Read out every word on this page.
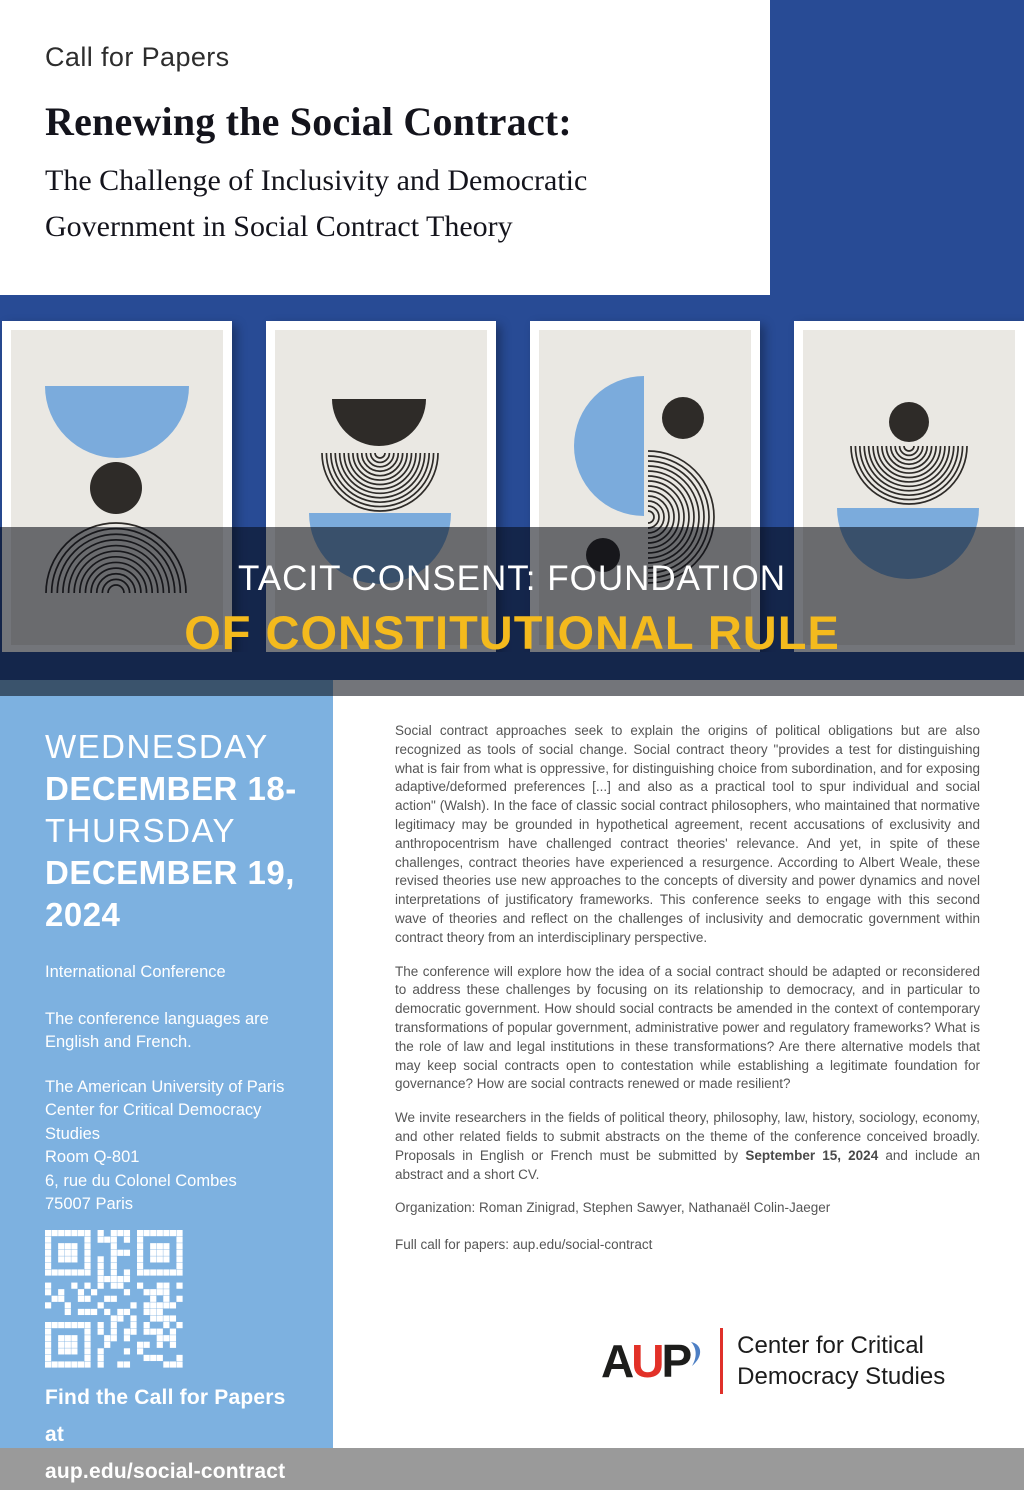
Call for Papers
Renewing the Social Contract:
The Challenge of Inclusivity and Democratic
Government in Social Contract Theory
WEDNESDAY
DECEMBER 18-
THURSDAY
DECEMBER 19,
2024
International Conference
The conference languages are English and French.
The American University of Paris
Center for Critical Democracy Studies
Room Q-801
6, rue du Colonel Combes
75007 Paris
Find the Call for Papers at
aup.edu/social-contract

Social contract approaches seek to explain the origins of political obligations but are also recognized as tools of social change. Social contract theory "provides a test for distinguishing what is fair from what is oppressive, for distinguishing choice from subordination, and for exposing adaptive/deformed preferences [...] and also as a practical tool to spur individual and social action" (Walsh). In the face of classic social contract philosophers, who maintained that normative legitimacy may be grounded in hypothetical agreement, recent accusations of exclusivity and anthropocentrism have challenged contract theories' relevance. And yet, in spite of these challenges, contract theories have experienced a resurgence. According to Albert Weale, these revised theories use new approaches to the concepts of diversity and power dynamics and novel interpretations of justificatory frameworks. This conference seeks to engage with this second wave of theories and reflect on the challenges of inclusivity and democratic government within contract theory from an interdisciplinary perspective.

The conference will explore how the idea of a social contract should be adapted or reconsidered to address these challenges by focusing on its relationship to democracy, and in particular to democratic government. How should social contracts be amended in the context of contemporary transformations of popular government, administrative power and regulatory frameworks? What is the role of law and legal institutions in these transformations? Are there alternative models that may keep social contracts open to contestation while establishing a legitimate foundation for governance? How are social contracts renewed or made resilient?

We invite researchers in the fields of political theory, philosophy, law, history, sociology, economy, and other related fields to submit abstracts on the theme of the conference conceived broadly. Proposals in English or French must be submitted by September 15, 2024 and include an abstract and a short CV.

Organization: Roman Zinigrad, Stephen Sawyer, Nathanaël Colin-Jaeger

Full call for papers: aup.edu/social-contract

A U P Center for Critical
Democracy Studies
TACIT CONSENT: FOUNDATION
OF CONSTITUTIONAL RULE
